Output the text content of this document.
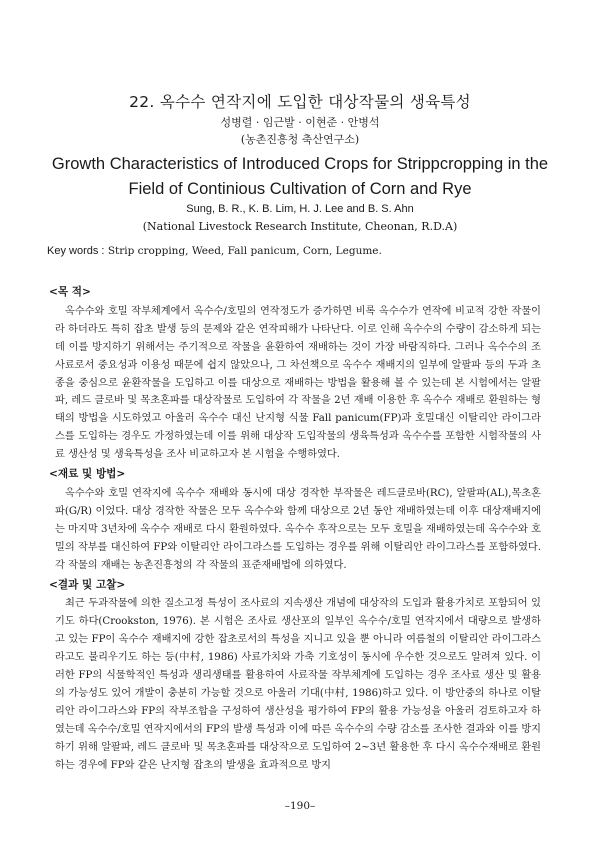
22. 옥수수 연작지에 도입한 대상작물의 생육특성
성병렬 · 임근발 · 이현준 · 안병석
(농촌진흥청 축산연구소)
Growth Characteristics of Introduced Crops for Strippcropping in the Field of Continious Cultivation of Corn and Rye
Sung, B. R., K. B. Lim, H. J. Lee and B. S. Ahn
(National Livestock Research Institute, Cheonan, R.D.A)
Key words : Strip cropping, Weed, Fall panicum, Corn, Legume.
<목 적>

옥수수와 호밀 작부체계에서 옥수수/호밀의 연작정도가 증가하면 비록 옥수수가 연작에 비교적 강한 작물이라 하더라도 특히 잡초 발생 등의 문제와 같은 연작피해가 나타난다. 이로 인해 옥수수의 수량이 감소하게 되는데 이를 방지하기 위해서는 주기적으로 작물을 윤환하여 재배하는 것이 가장 바람직하다. 그러나 옥수수의 조사료로서 중요성과 이용성 때문에 쉽지 않았으나, 그 차선책으로 옥수수 재배지의 일부에 알팔파 등의 두과 초종을 중심으로 윤환작물을 도입하고 이를 대상으로 재배하는 방법을 활용해 볼 수 있는데 본 시험에서는 알팔파, 레드 클로바 및 목초혼파를 대상작물로 도입하여 각 작물을 2년 재배 이용한 후 옥수수 재배로 환원하는 형태의 방법을 시도하였고 아울러 옥수수 대신 난지형 식물 Fall panicum(FP)과 호밀대신 이탈리안 라이그라스를 도입하는 경우도 가정하였는데 이를 위해 대상작 도입작물의 생육특성과 옥수수를 포함한 시험작물의 사료 생산성 및 생육특성을 조사 비교하고자 본 시험을 수행하였다.

<재료 및 방법>

옥수수와 호밀 연작지에 옥수수 재배와 동시에 대상 경작한 부작물은 레드클로바(RC), 알팔파(AL),목초혼파(G/R) 이었다. 대상 경작한 작물은 모두 옥수수와 함께 대상으로 2년 동안 재배하였는데 이후 대상재배지에는 마지막 3년차에 옥수수 재배로 다시 환원하였다. 옥수수 후작으로는 모두 호밀을 재배하였는데 옥수수와 호밀의 작부를 대신하여 FP와 이탈리안 라이그라스를 도입하는 경우를 위해 이탈리안 라이그라스를 포함하였다. 각 작물의 재배는 농촌진흥청의 각 작물의 표준재배법에 의하였다.

<결과 및 고찰>

최근 두과작물에 의한 질소고정 특성이 조사료의 지속생산 개념에 대상작의 도입과 활용가치로 포함되어 있기도 하다(Crookston, 1976). 본 시험은 조사료 생산포의 일부인 옥수수/호밀 연작지에서 대량으로 발생하고 있는 FP이 옥수수 재배지에 강한 잡초로서의 특성을 지니고 있을 뿐 아니라 여름철의 이탈리안 라이그라스라고도 불리우기도 하는 등(中村, 1986) 사료가치와 가축 기호성이 동시에 우수한 것으로도 알려져 있다. 이러한 FP의 식물학적인 특성과 생리생태를 활용하여 사료작물 작부체계에 도입하는 경우 조사료 생산 및 활용의 가능성도 있어 개발이 충분히 가능할 것으로 아울러 기대(中村, 1986)하고 있다. 이 방안중의 하나로 이탈리안 라이그라스와 FP의 작부조합을 구성하여 생산성을 평가하여 FP의 활용 가능성을 아울러 검토하고자 하였는데 옥수수/호밀 연작지에서의 FP의 발생 특성과 이에 따른 옥수수의 수량 감소를 조사한 결과와 이를 방지하기 위해 알팔파, 레드 클로바 및 목초혼파를 대상작으로 도입하여 2~3년 활용한 후 다시 옥수수재배로 환원하는 경우에 FP와 같은 난지형 잡초의 발생을 효과적으로 방지

–190–
